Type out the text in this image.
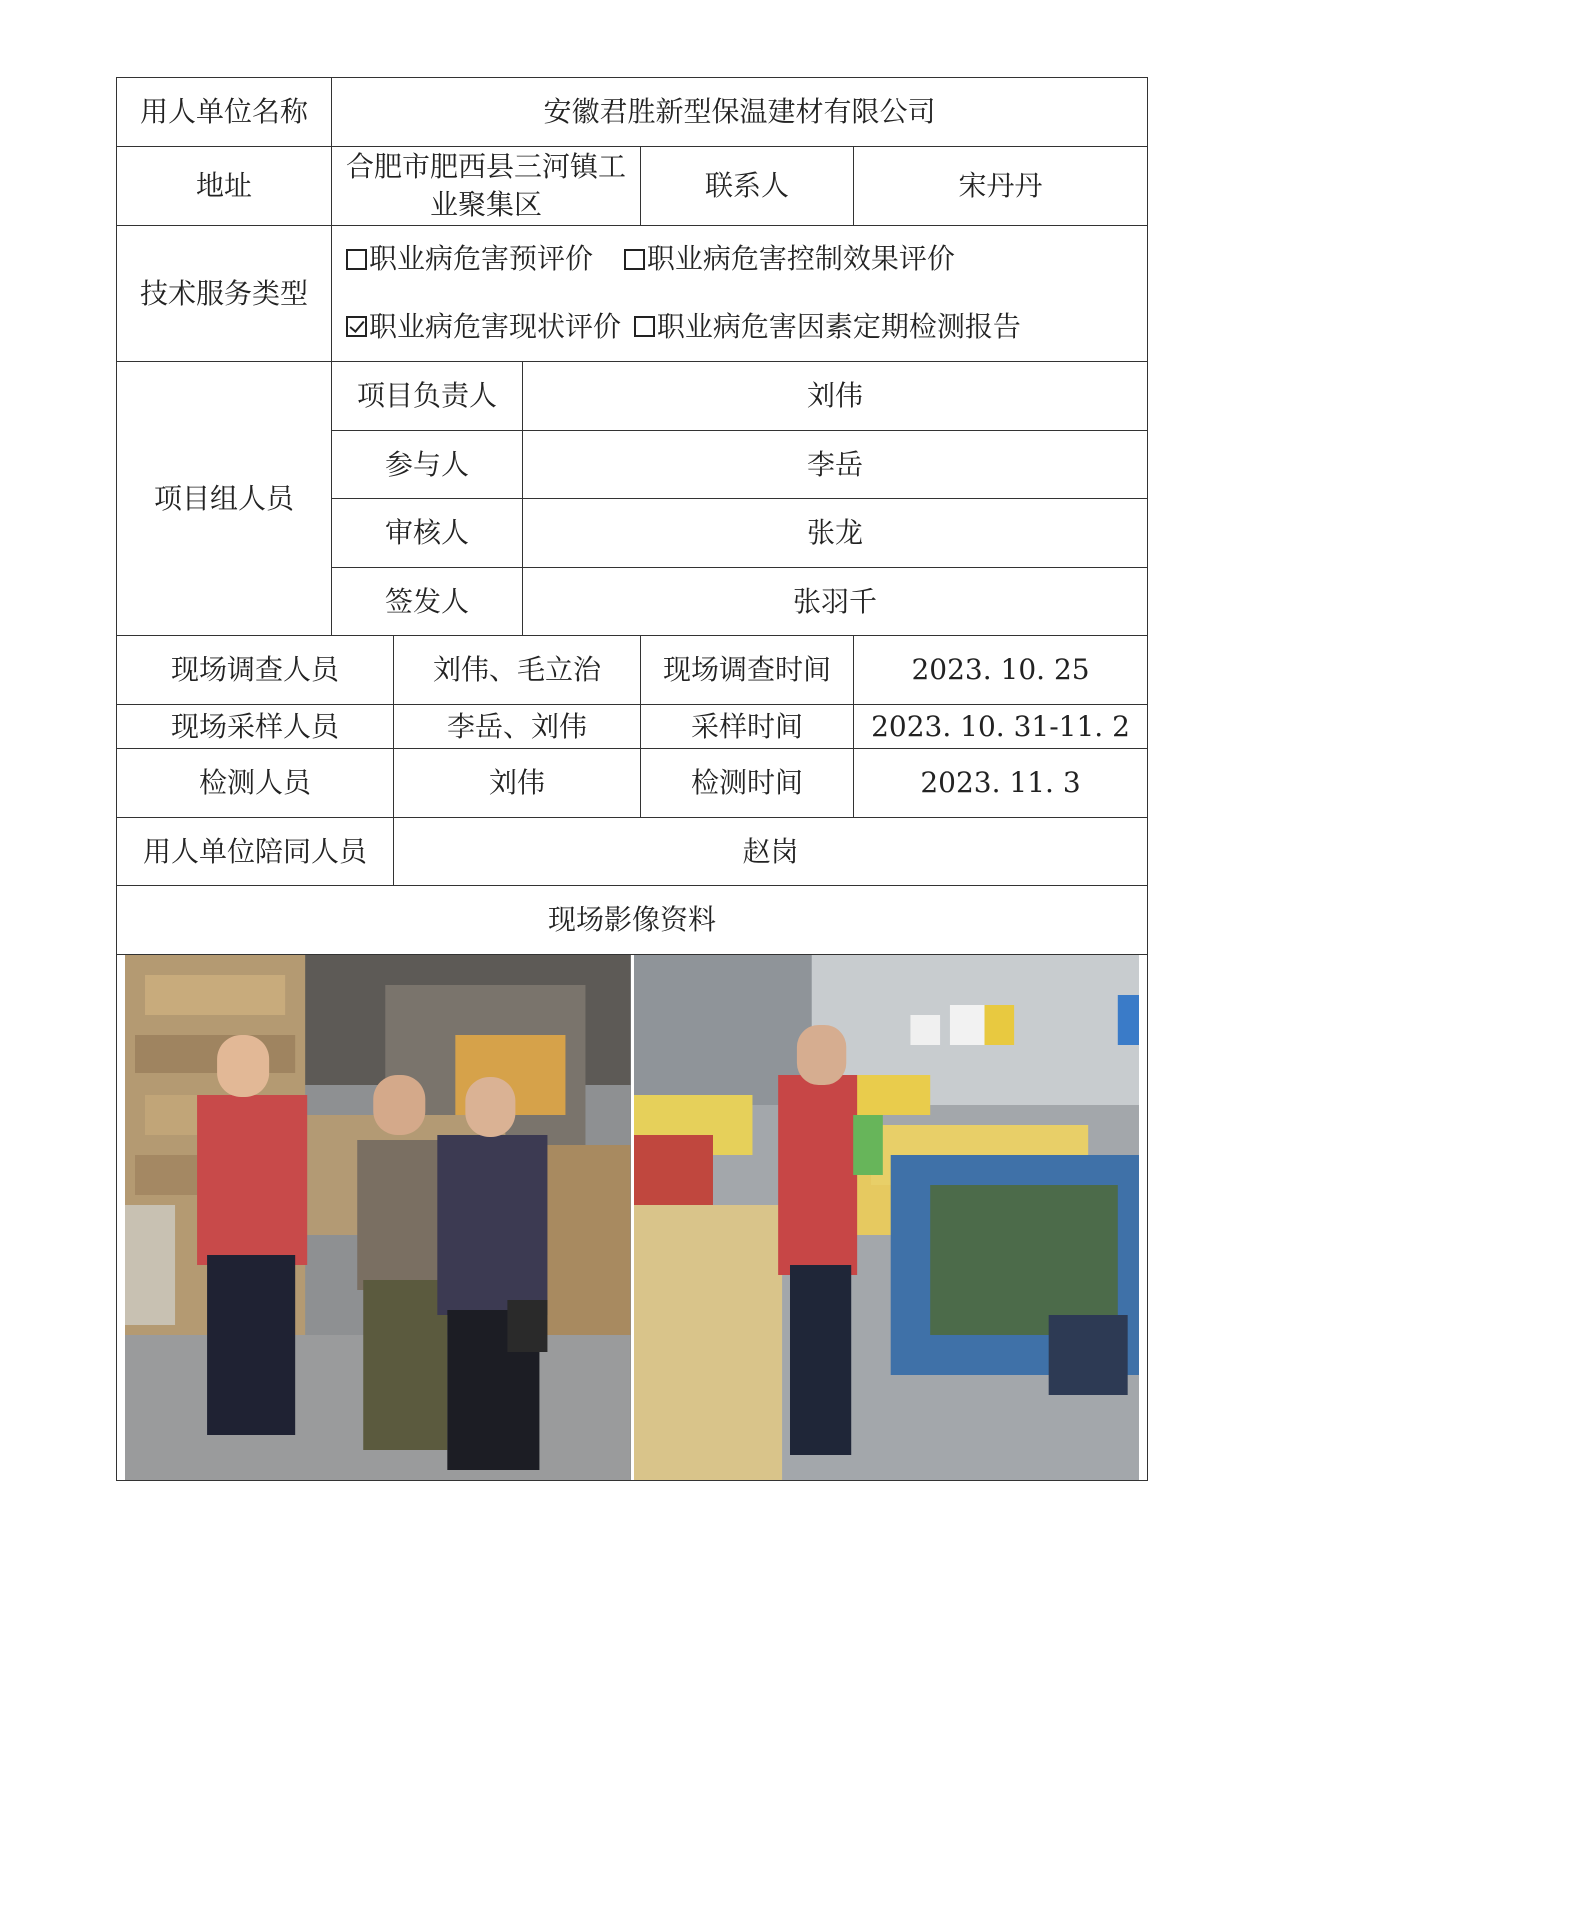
用人单位名称	安徽君胜新型保温建材有限公司				
地址	合肥市肥西县三河镇工业聚集区			联系人	宋丹丹
技术服务类型	职业病危害预评价
职业病危害控制效果评价
职业病危害现状评价
职业病危害因素定期检测报告				

项目组人员	项目负责人		刘伟		
	参与人		李岳		
	审核人		张龙		
	签发人		张羽千		
现场调查人员		刘伟、毛立治		现场调查时间	2023. 10. 25
现场采样人员		李岳、刘伟		采样时间	2023. 10. 31-11. 2
检测人员		刘伟		检测时间	2023. 11. 3
用人单位陪同人员		赵岗			
现场影像资料					
